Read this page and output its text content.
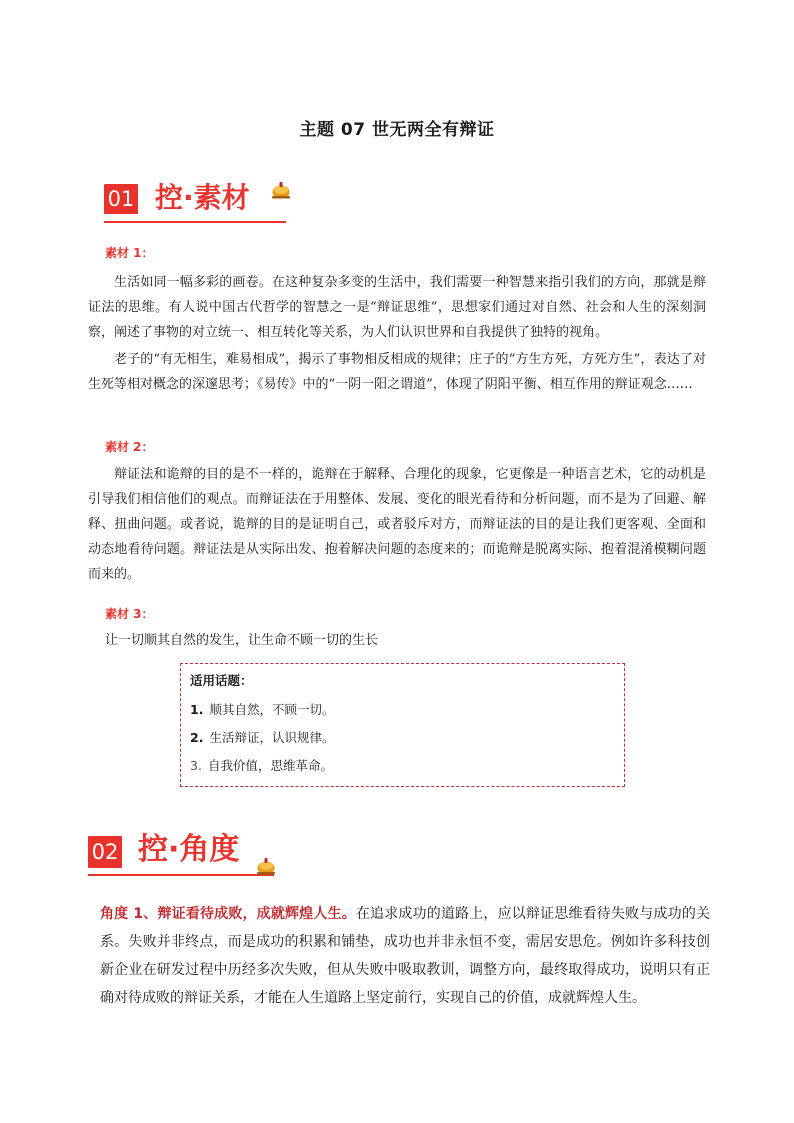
主题 07 世无两全有辩证
01 控·素材
素材 1：

生活如同一幅多彩的画卷。在这种复杂多变的生活中，我们需要一种智慧来指引我们的方向，那就是辩证法的思维。有人说中国古代哲学的智慧之一是“辩证思维”，思想家们通过对自然、社会和人生的深刻洞察，阐述了事物的对立统一、相互转化等关系，为人们认识世界和自我提供了独特的视角。

老子的“有无相生，难易相成”，揭示了事物相反相成的规律；庄子的“方生方死，方死方生”，表达了对生死等相对概念的深邃思考；《易传》中的“一阴一阳之谓道”，体现了阴阳平衡、相互作用的辩证观念……

素材 2：

辩证法和诡辩的目的是不一样的，诡辩在于解释、合理化的现象，它更像是一种语言艺术，它的动机是引导我们相信他们的观点。而辩证法在于用整体、发展、变化的眼光看待和分析问题，而不是为了回避、解释、扭曲问题。或者说，诡辩的目的是证明自己，或者驳斥对方，而辩证法的目的是让我们更客观、全面和动态地看待问题。辩证法是从实际出发、抱着解决问题的态度来的；而诡辩是脱离实际、抱着混淆模糊问题而来的。

素材 3：
让一切顺其自然的发生，让生命不顾一切的生长
适用话题：
1. 顺其自然，不顾一切。
2. 生活辩证，认识规律。
3. 自我价值，思维革命。
02 控·角度

角度 1、辩证看待成败，成就辉煌人生。在追求成功的道路上，应以辩证思维看待失败与成功的关系。失败并非终点，而是成功的积累和铺垫，成功也并非永恒不变，需居安思危。例如许多科技创新企业在研发过程中历经多次失败，但从失败中吸取教训，调整方向，最终取得成功，说明只有正确对待成败的辩证关系，才能在人生道路上坚定前行，实现自己的价值，成就辉煌人生。
